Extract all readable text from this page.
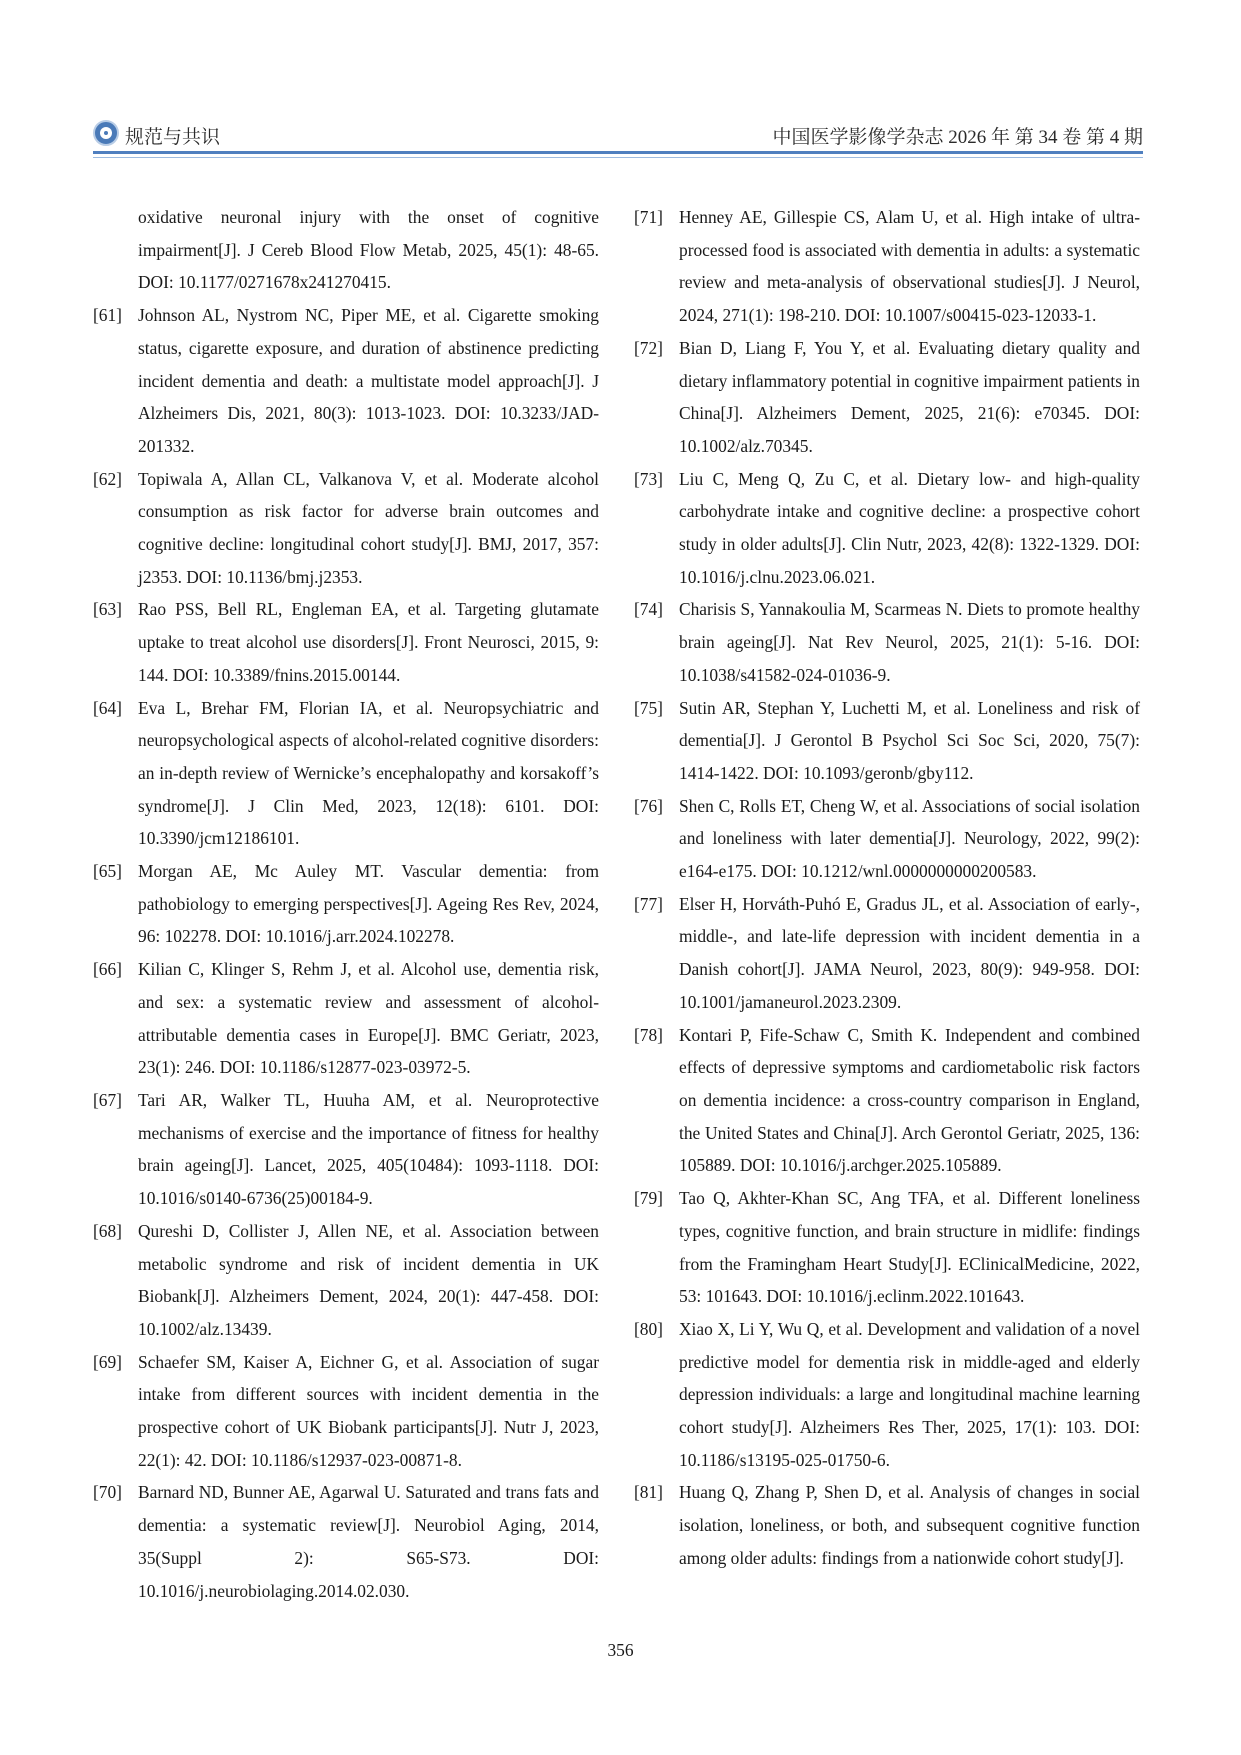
规范与共识	中国医学影像学杂志 2026 年 第 34 卷 第 4 期
oxidative neuronal injury with the onset of cognitive impairment[J]. J Cereb Blood Flow Metab, 2025, 45(1): 48-65. DOI: 10.1177/0271678x241270415.
[61] Johnson AL, Nystrom NC, Piper ME, et al. Cigarette smoking status, cigarette exposure, and duration of abstinence predicting incident dementia and death: a multistate model approach[J]. J Alzheimers Dis, 2021, 80(3): 1013-1023. DOI: 10.3233/JAD-201332.
[62] Topiwala A, Allan CL, Valkanova V, et al. Moderate alcohol consumption as risk factor for adverse brain outcomes and cognitive decline: longitudinal cohort study[J]. BMJ, 2017, 357: j2353. DOI: 10.1136/bmj.j2353.
[63] Rao PSS, Bell RL, Engleman EA, et al. Targeting glutamate uptake to treat alcohol use disorders[J]. Front Neurosci, 2015, 9: 144. DOI: 10.3389/fnins.2015.00144.
[64] Eva L, Brehar FM, Florian IA, et al. Neuropsychiatric and neuropsychological aspects of alcohol-related cognitive disorders: an in-depth review of Wernicke’s encephalopathy and korsakoff’s syndrome[J]. J Clin Med, 2023, 12(18): 6101. DOI: 10.3390/jcm12186101.
[65] Morgan AE, Mc Auley MT. Vascular dementia: from pathobiology to emerging perspectives[J]. Ageing Res Rev, 2024, 96: 102278. DOI: 10.1016/j.arr.2024.102278.
[66] Kilian C, Klinger S, Rehm J, et al. Alcohol use, dementia risk, and sex: a systematic review and assessment of alcohol-attributable dementia cases in Europe[J]. BMC Geriatr, 2023, 23(1): 246. DOI: 10.1186/s12877-023-03972-5.
[67] Tari AR, Walker TL, Huuha AM, et al. Neuroprotective mechanisms of exercise and the importance of fitness for healthy brain ageing[J]. Lancet, 2025, 405(10484): 1093-1118. DOI: 10.1016/s0140-6736(25)00184-9.
[68] Qureshi D, Collister J, Allen NE, et al. Association between metabolic syndrome and risk of incident dementia in UK Biobank[J]. Alzheimers Dement, 2024, 20(1): 447-458. DOI: 10.1002/alz.13439.
[69] Schaefer SM, Kaiser A, Eichner G, et al. Association of sugar intake from different sources with incident dementia in the prospective cohort of UK Biobank participants[J]. Nutr J, 2023, 22(1): 42. DOI: 10.1186/s12937-023-00871-8.
[70] Barnard ND, Bunner AE, Agarwal U. Saturated and trans fats and dementia: a systematic review[J]. Neurobiol Aging, 2014, 35(Suppl 2): S65-S73. DOI: 10.1016/j.neurobiolaging.2014.02.030.
[71] Henney AE, Gillespie CS, Alam U, et al. High intake of ultra-processed food is associated with dementia in adults: a systematic review and meta-analysis of observational studies[J]. J Neurol, 2024, 271(1): 198-210. DOI: 10.1007/s00415-023-12033-1.
[72] Bian D, Liang F, You Y, et al. Evaluating dietary quality and dietary inflammatory potential in cognitive impairment patients in China[J]. Alzheimers Dement, 2025, 21(6): e70345. DOI: 10.1002/alz.70345.
[73] Liu C, Meng Q, Zu C, et al. Dietary low- and high-quality carbohydrate intake and cognitive decline: a prospective cohort study in older adults[J]. Clin Nutr, 2023, 42(8): 1322-1329. DOI: 10.1016/j.clnu.2023.06.021.
[74] Charisis S, Yannakoulia M, Scarmeas N. Diets to promote healthy brain ageing[J]. Nat Rev Neurol, 2025, 21(1): 5-16. DOI: 10.1038/s41582-024-01036-9.
[75] Sutin AR, Stephan Y, Luchetti M, et al. Loneliness and risk of dementia[J]. J Gerontol B Psychol Sci Soc Sci, 2020, 75(7): 1414-1422. DOI: 10.1093/geronb/gby112.
[76] Shen C, Rolls ET, Cheng W, et al. Associations of social isolation and loneliness with later dementia[J]. Neurology, 2022, 99(2): e164-e175. DOI: 10.1212/wnl.0000000000200583.
[77] Elser H, Horváth-Puhó E, Gradus JL, et al. Association of early-, middle-, and late-life depression with incident dementia in a Danish cohort[J]. JAMA Neurol, 2023, 80(9): 949-958. DOI: 10.1001/jamaneurol.2023.2309.
[78] Kontari P, Fife-Schaw C, Smith K. Independent and combined effects of depressive symptoms and cardiometabolic risk factors on dementia incidence: a cross-country comparison in England, the United States and China[J]. Arch Gerontol Geriatr, 2025, 136: 105889. DOI: 10.1016/j.archger.2025.105889.
[79] Tao Q, Akhter-Khan SC, Ang TFA, et al. Different loneliness types, cognitive function, and brain structure in midlife: findings from the Framingham Heart Study[J]. EClinicalMedicine, 2022, 53: 101643. DOI: 10.1016/j.eclinm.2022.101643.
[80] Xiao X, Li Y, Wu Q, et al. Development and validation of a novel predictive model for dementia risk in middle-aged and elderly depression individuals: a large and longitudinal machine learning cohort study[J]. Alzheimers Res Ther, 2025, 17(1): 103. DOI: 10.1186/s13195-025-01750-6.
[81] Huang Q, Zhang P, Shen D, et al. Analysis of changes in social isolation, loneliness, or both, and subsequent cognitive function among older adults: findings from a nationwide cohort study[J].
356
